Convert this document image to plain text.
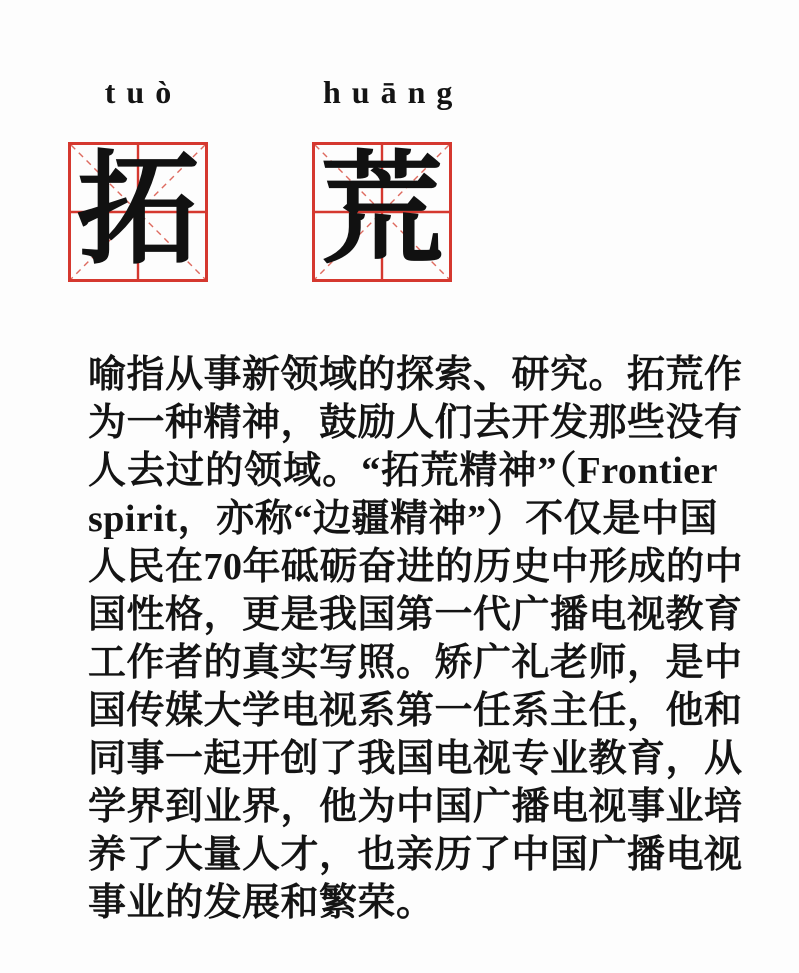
tuò	huāng
拓 荒
喻指从事新领域的探索、研究。拓荒作
为一种精神，鼓励人们去开发那些没有
人去过的领域。“拓荒精神”（Frontier
spirit，亦称“边疆精神”）不仅是中国
人民在70年砥砺奋进的历史中形成的中
国性格，更是我国第一代广播电视教育
工作者的真实写照。矫广礼老师，是中
国传媒大学电视系第一任系主任，他和
同事一起开创了我国电视专业教育，从
学界到业界，他为中国广播电视事业培
养了大量人才，也亲历了中国广播电视
事业的发展和繁荣。
